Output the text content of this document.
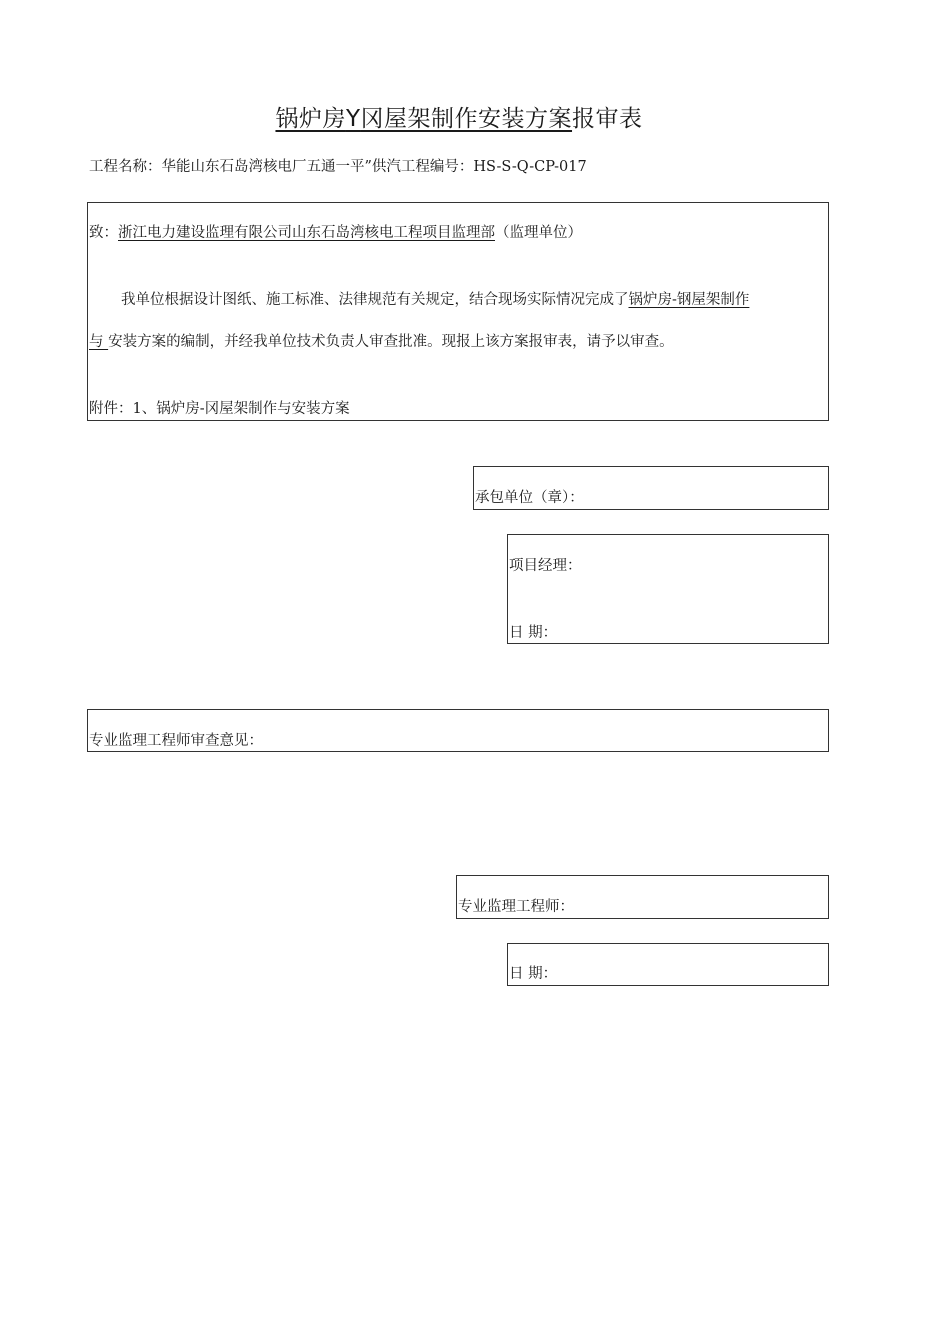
锅炉房Y冈屋架制作安装方案报审表
工程名称：华能山东石岛湾核电厂五通一平”供汽工程编号：HS-S-Q-CP-017
致：浙江电力建设监理有限公司山东石岛湾核电工程项目监理部（监理单位）
我单位根据设计图纸、施工标准、法律规范有关规定，结合现场实际情况完成了锅炉房-钢屋架制作
与 安装方案的编制，并经我单位技术负责人审查批准。现报上该方案报审表，请予以审查。
附件：1、锅炉房-冈屋架制作与安装方案
承包单位（章）：
项目经理：
日 期：
专业监理工程师审查意见：
专业监理工程师：
日 期：
